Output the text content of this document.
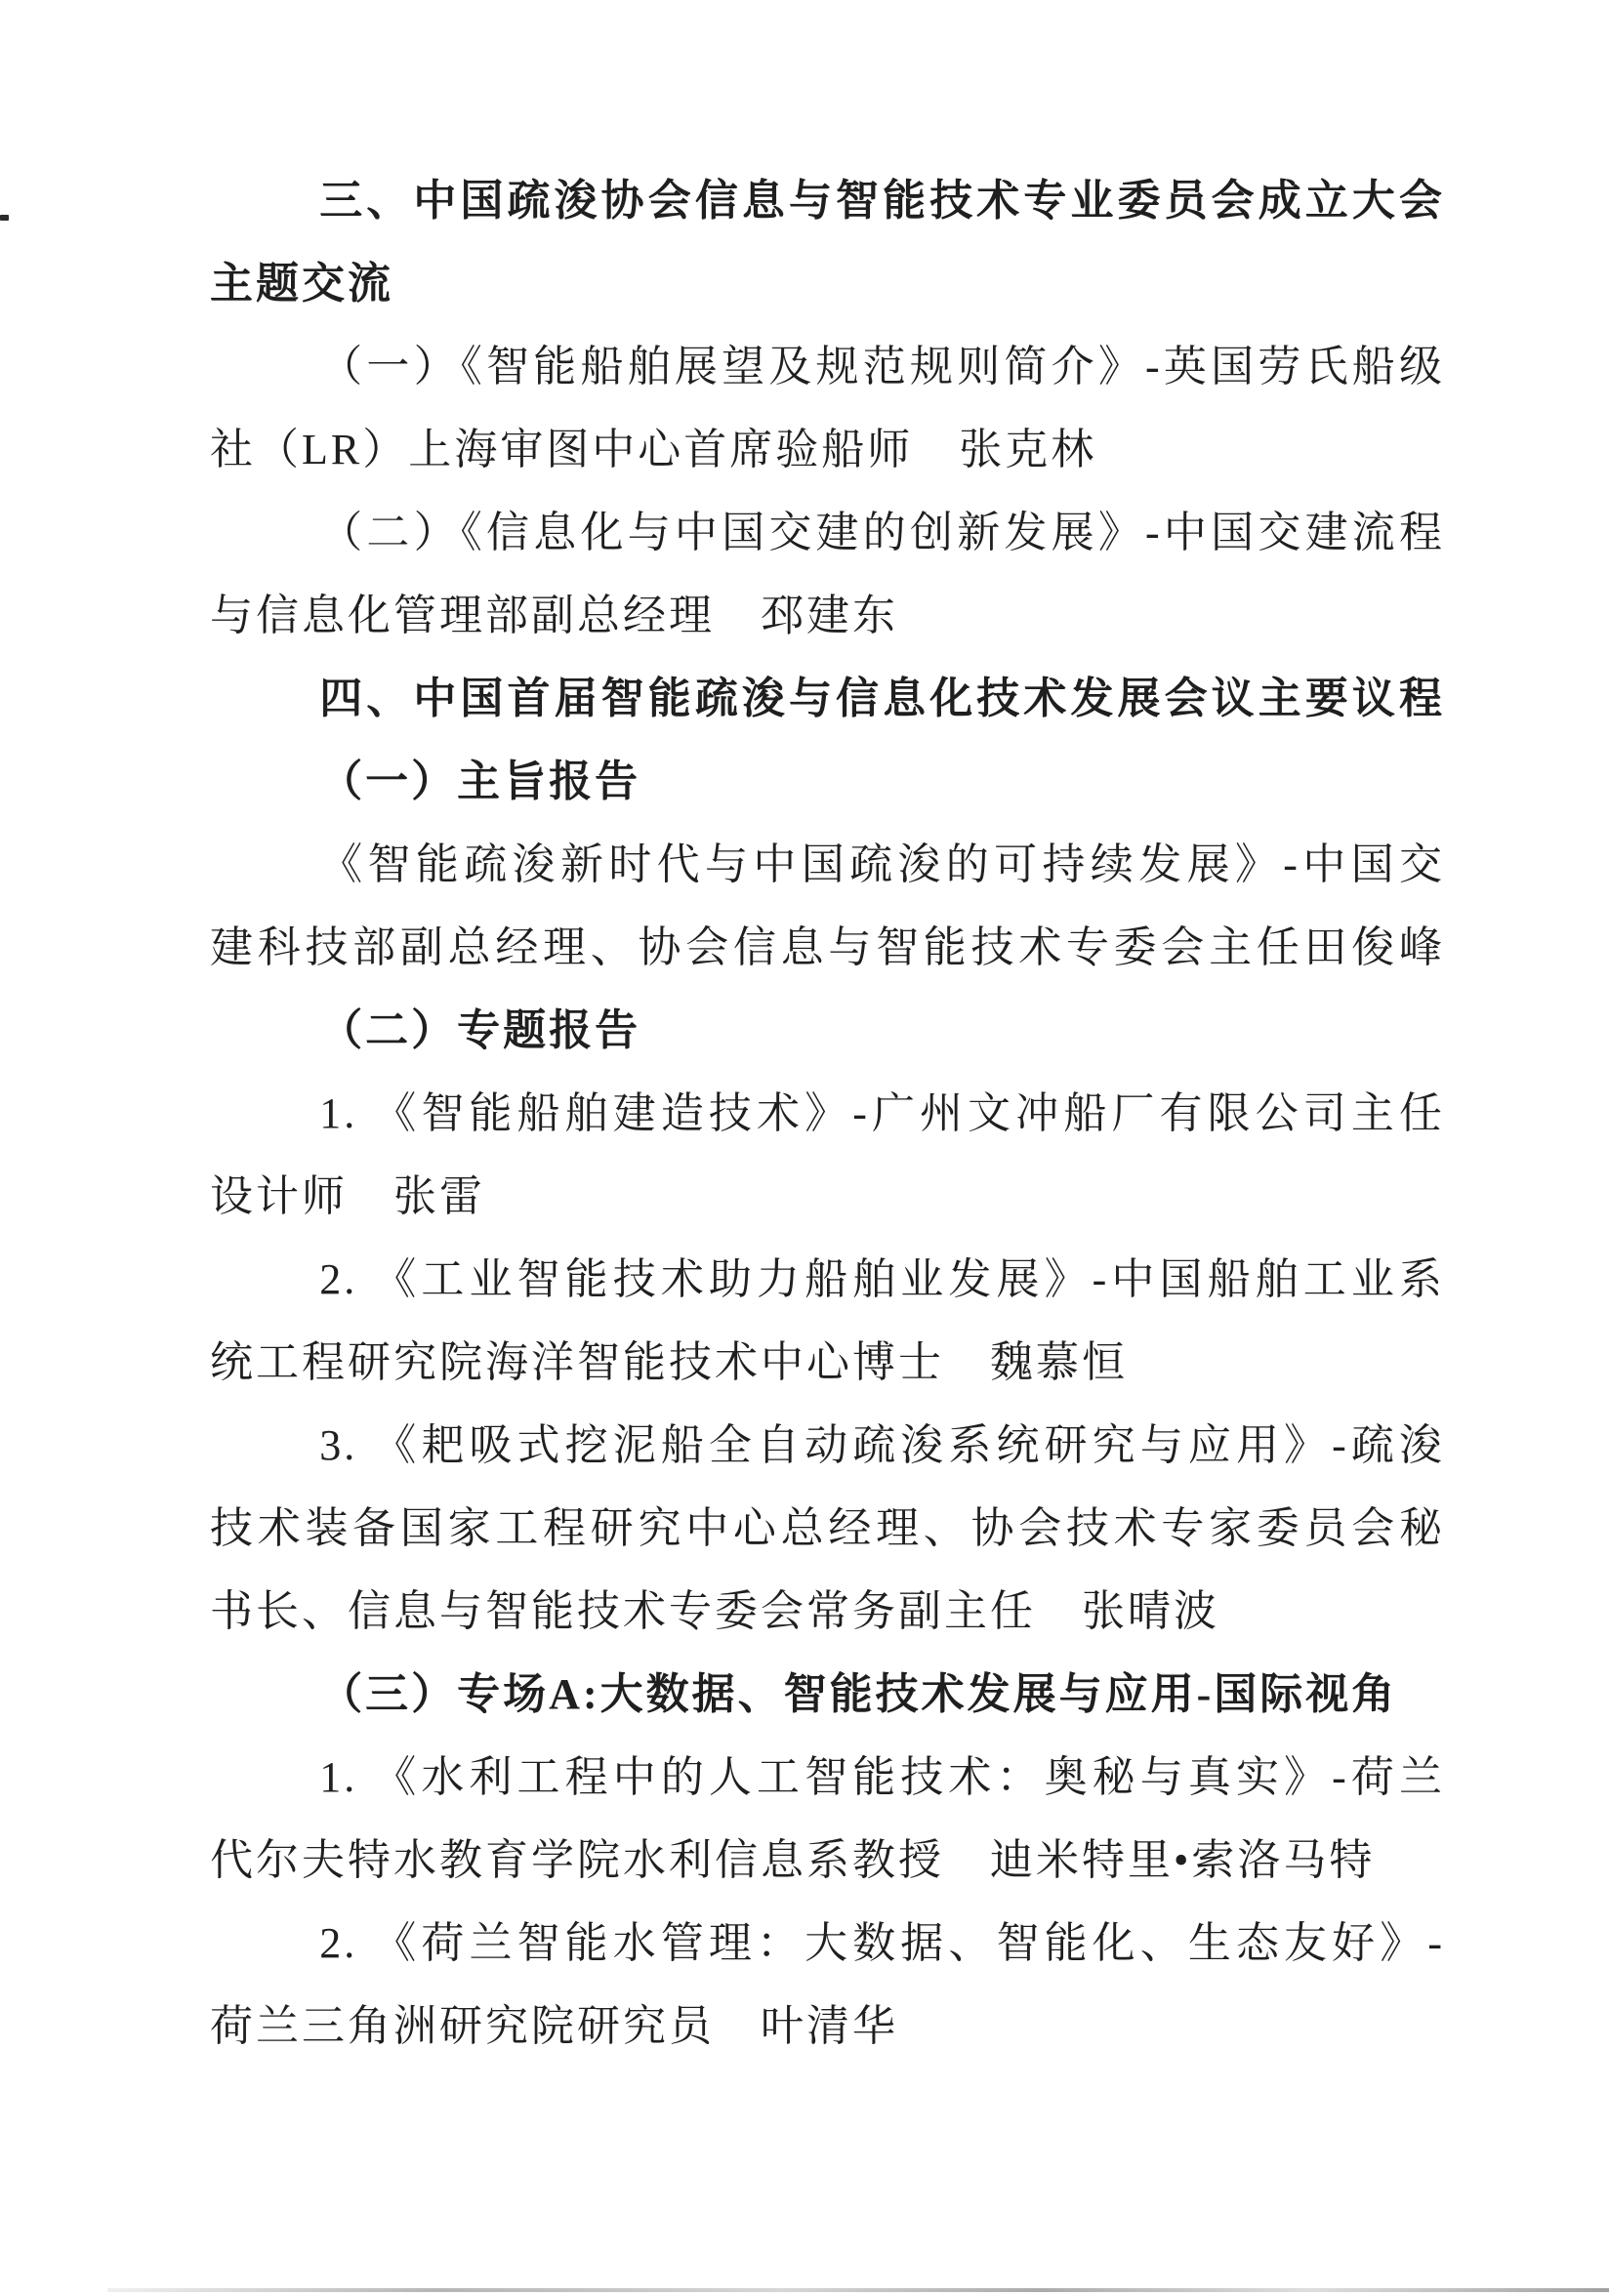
三、中国疏浚协会信息与智能技术专业委员会成立大会

主题交流

（一）《智能船舶展望及规范规则简介》-英国劳氏船级

社（LR）上海审图中心首席验船师　张克林

（二）《信息化与中国交建的创新发展》-中国交建流程

与信息化管理部副总经理　邳建东

四、中国首届智能疏浚与信息化技术发展会议主要议程

（一）主旨报告

《智能疏浚新时代与中国疏浚的可持续发展》-中国交

建科技部副总经理、协会信息与智能技术专委会主任田俊峰

（二）专题报告

1. 《智能船舶建造技术》-广州文冲船厂有限公司主任

设计师　张雷

2. 《工业智能技术助力船舶业发展》-中国船舶工业系

统工程研究院海洋智能技术中心博士　魏慕恒

3. 《耙吸式挖泥船全自动疏浚系统研究与应用》-疏浚

技术装备国家工程研究中心总经理、协会技术专家委员会秘

书长、信息与智能技术专委会常务副主任　张晴波

（三）专场A:大数据、智能技术发展与应用-国际视角

1. 《水利工程中的人工智能技术：奥秘与真实》-荷兰

代尔夫特水教育学院水利信息系教授　迪米特里•索洛马特

2. 《荷兰智能水管理：大数据、智能化、生态友好》-

荷兰三角洲研究院研究员　叶清华
